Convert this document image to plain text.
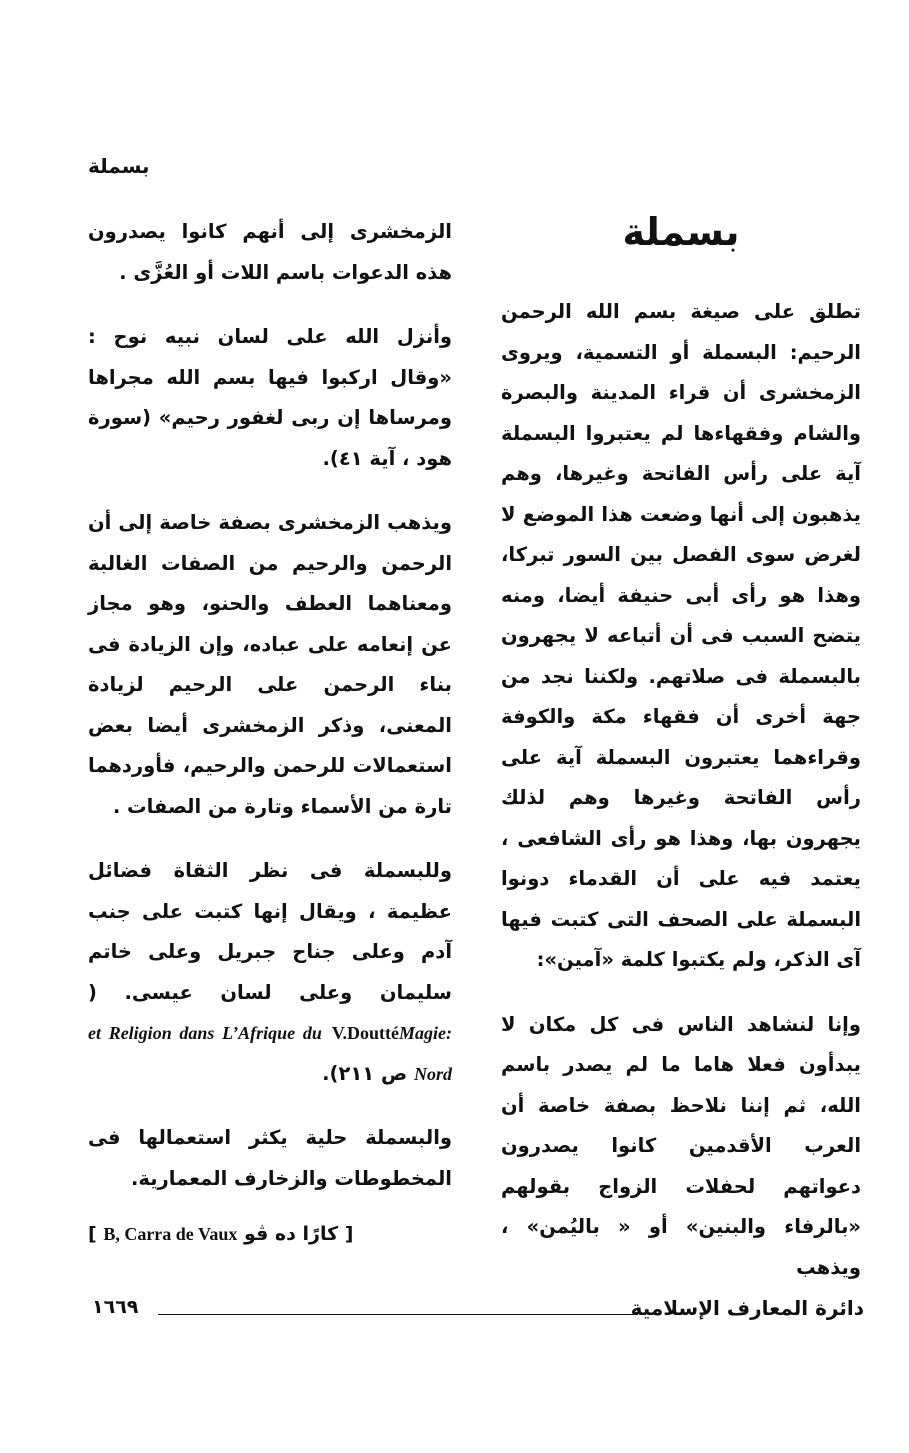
بسملة
بسملة

تطلق على صيغة بسم الله الرحمن الرحيم: البسملة أو التسمية، ويروى الزمخشرى أن قراء المدينة والبصرة والشام وفقهاءها لم يعتبروا البسملة آية على رأس الفاتحة وغيرها، وهم يذهبون إلى أنها وضعت هذا الموضع لا لغرض سوى الفصل بين السور تبركا، وهذا هو رأى أبى حنيفة أيضا، ومنه يتضح السبب فى أن أتباعه لا يجهرون بالبسملة فى صلاتهم. ولكننا نجد من جهة أخرى أن فقهاء مكة والكوفة وقراءهما يعتبرون البسملة آية على رأس الفاتحة وغيرها وهم لذلك يجهرون بها، وهذا هو رأى الشافعى ، يعتمد فيه على أن القدماء دونوا البسملة على الصحف التى كتبت فيها آى الذكر، ولم يكتبوا كلمة «آمين»:

وإنا لنشاهد الناس فى كل مكان لا يبدأون فعلا هاما ما لم يصدر باسم الله، ثم إننا نلاحظ بصفة خاصة أن العرب الأقدمين كانوا يصدرون دعواتهم لحفلات الزواج بقولهم «بالرفاء والبنين» أو « باليُمن» ، ويذهب

الزمخشرى إلى أنهم كانوا يصدرون هذه الدعوات باسم اللات أو العُزَّى .

وأنزل الله على لسان نبيه نوح : «وقال اركبوا فيها بسم الله مجراها ومرساها إن ربى لغفور رحيم» (سورة هود ، آية ٤١).

ويذهب الزمخشرى بصفة خاصة إلى أن الرحمن والرحيم من الصفات الغالبة ومعناهما العطف والحنو، وهو مجاز عن إنعامه على عباده، وإن الزيادة فى بناء الرحمن على الرحيم لزيادة المعنى، وذكر الزمخشرى أيضا بعض استعمالات للرحمن والرحيم، فأوردهما تارة من الأسماء وتارة من الصفات .

وللبسملة فى نظر الثقاة فضائل عظيمة ، ويقال إنها كتبت على جنب آدم وعلى جناح جبريل وعلى خاتم سليمان وعلى لسان عيسى. ( Magie:V.Doutté et Religion dans L’Afrique du Nord ص ٢١١).

والبسملة حلية يكثر استعمالها فى المخطوطات والزخارف المعمارية.

[ كارًا ده ڤو B, Carra de Vaux ]

دائرة المعارف الإسلامية
١٦٦٩
